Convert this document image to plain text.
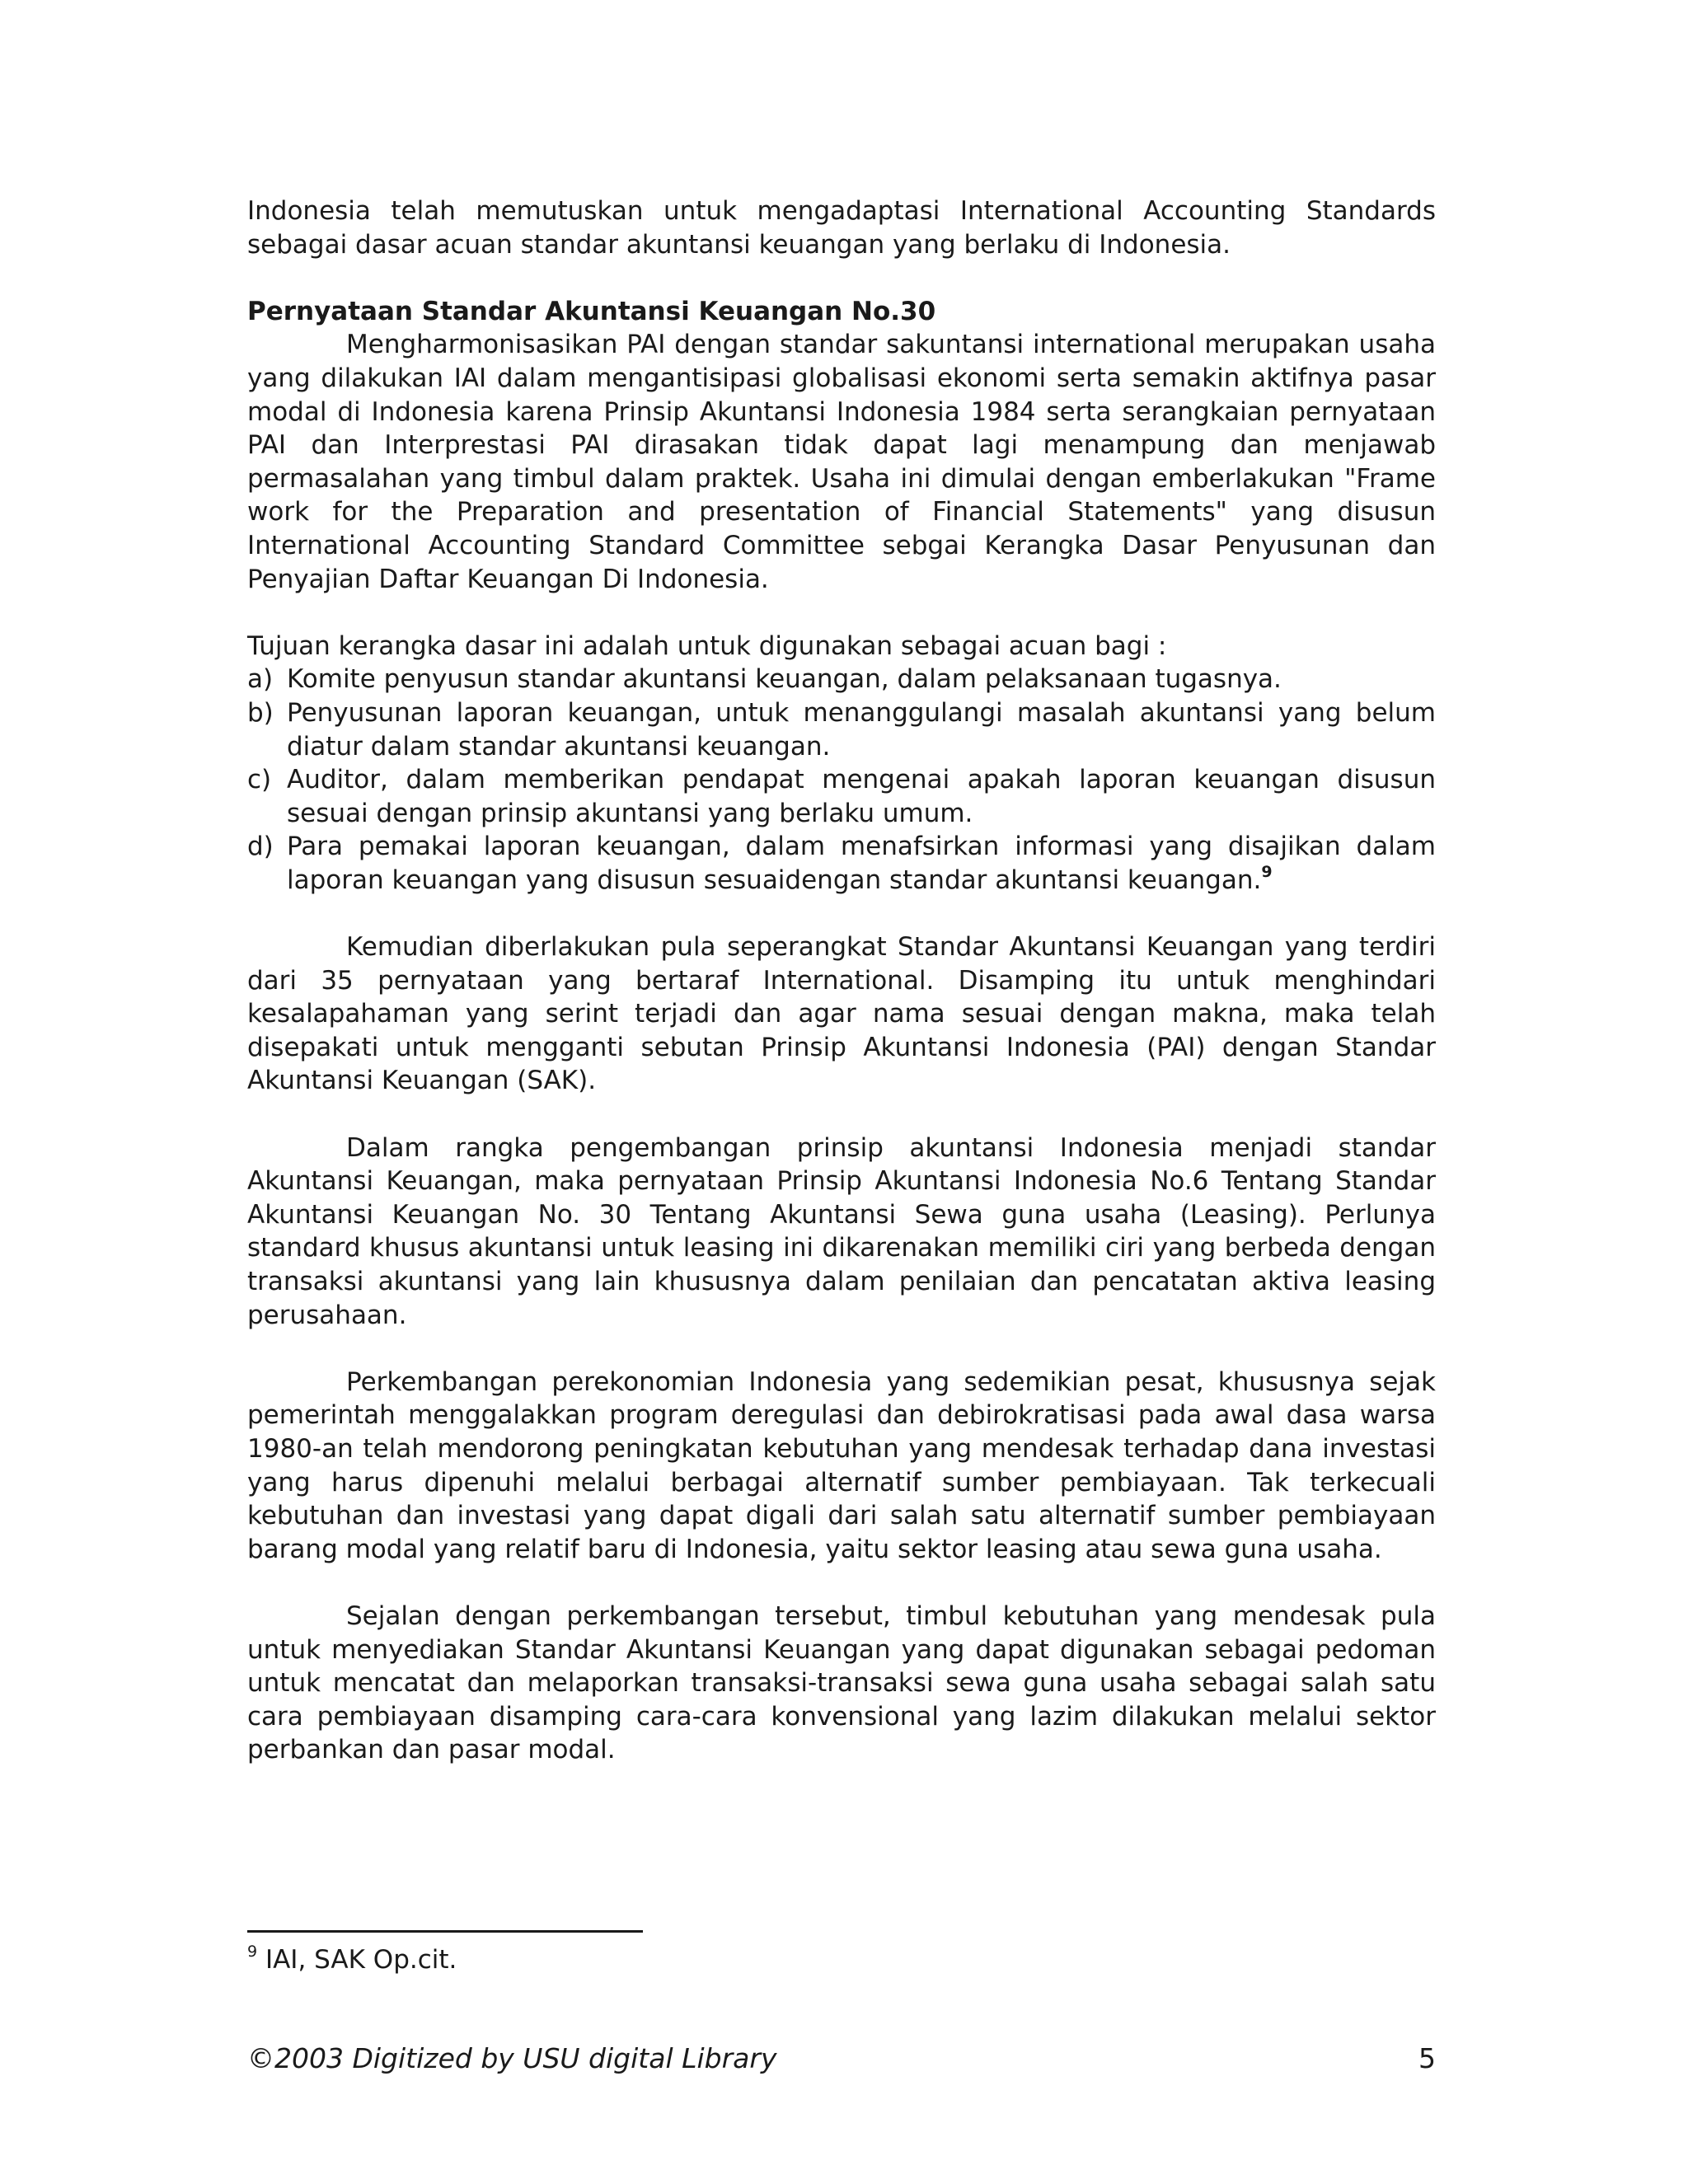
Indonesia telah memutuskan untuk mengadaptasi International Accounting Standards sebagai dasar acuan standar akuntansi keuangan yang berlaku di Indonesia.

Pernyataan Standar Akuntansi Keuangan No.30

Mengharmonisasikan PAI dengan standar sakuntansi international merupakan usaha yang dilakukan IAI dalam mengantisipasi globalisasi ekonomi serta semakin aktifnya pasar modal di Indonesia karena Prinsip Akuntansi Indonesia 1984 serta serangkaian pernyataan PAI dan Interprestasi PAI dirasakan tidak dapat lagi menampung dan menjawab permasalahan yang timbul dalam praktek. Usaha ini dimulai dengan emberlakukan "Frame work for the Preparation and presentation of Financial Statements" yang disusun International Accounting Standard Committee sebgai Kerangka Dasar Penyusunan dan Penyajian Daftar Keuangan Di Indonesia.

Tujuan kerangka dasar ini adalah untuk digunakan sebagai acuan bagi :

a) Komite penyusun standar akuntansi keuangan, dalam pelaksanaan tugasnya.
b) Penyusunan laporan keuangan, untuk menanggulangi masalah akuntansi yang belum diatur dalam standar akuntansi keuangan.
c) Auditor, dalam memberikan pendapat mengenai apakah laporan keuangan disusun sesuai dengan prinsip akuntansi yang berlaku umum.
d) Para pemakai laporan keuangan, dalam menafsirkan informasi yang disajikan dalam laporan keuangan yang disusun sesuaidengan standar akuntansi keuangan.$^9$

Kemudian diberlakukan pula seperangkat Standar Akuntansi Keuangan yang terdiri dari 35 pernyataan yang bertaraf International. Disamping itu untuk menghindari kesalapahaman yang serint terjadi dan agar nama sesuai dengan makna, maka telah disepakati untuk mengganti sebutan Prinsip Akuntansi Indonesia (PAI) dengan Standar Akuntansi Keuangan (SAK).

Dalam rangka pengembangan prinsip akuntansi Indonesia menjadi standar Akuntansi Keuangan, maka pernyataan Prinsip Akuntansi Indonesia No.6 Tentang Standar Akuntansi Keuangan No. 30 Tentang Akuntansi Sewa guna usaha (Leasing). Perlunya standard khusus akuntansi untuk leasing ini dikarenakan memiliki ciri yang berbeda dengan transaksi akuntansi yang lain khususnya dalam penilaian dan pencatatan aktiva leasing perusahaan.

Perkembangan perekonomian Indonesia yang sedemikian pesat, khususnya sejak pemerintah menggalakkan program deregulasi dan debirokratisasi pada awal dasa warsa 1980-an telah mendorong peningkatan kebutuhan yang mendesak terhadap dana investasi yang harus dipenuhi melalui berbagai alternatif sumber pembiayaan. Tak terkecuali kebutuhan dan investasi yang dapat digali dari salah satu alternatif sumber pembiayaan barang modal yang relatif baru di Indonesia, yaitu sektor leasing atau sewa guna usaha.

Sejalan dengan perkembangan tersebut, timbul kebutuhan yang mendesak pula untuk menyediakan Standar Akuntansi Keuangan yang dapat digunakan sebagai pedoman untuk mencatat dan melaporkan transaksi-transaksi sewa guna usaha sebagai salah satu cara pembiayaan disamping cara-cara konvensional yang lazim dilakukan melalui sektor perbankan dan pasar modal.

$^9$ IAI, SAK Op.cit.
©2003 Digitized by USU digital Library	5
